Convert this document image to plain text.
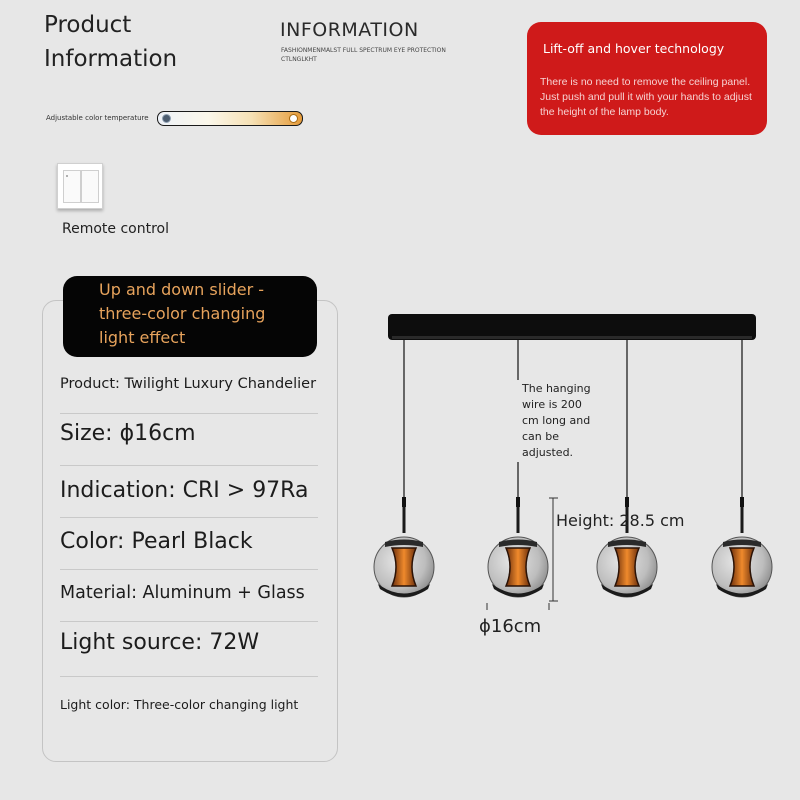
Product
Information
INFORMATION
FASHIONMENMALST FULL SPECTRUM EYE PROTECTION CTLNGLKHT
Adjustable color temperature
Lift-off and hover technology
There is no need to remove the ceiling panel. Just push and pull it with your hands to adjust the height of the lamp body.
Remote control
Up and down slider -
three-color changing
light effect
Product: Twilight Luxury Chandelier
Size: ϕ16cm
Indication: CRI > 97Ra
Color: Pearl Black
Material: Aluminum + Glass
Light source: 72W
Light color: Three-color changing light
The hanging wire is 200 cm long and can be adjusted.
Height: 28.5 cm
ϕ16cm
